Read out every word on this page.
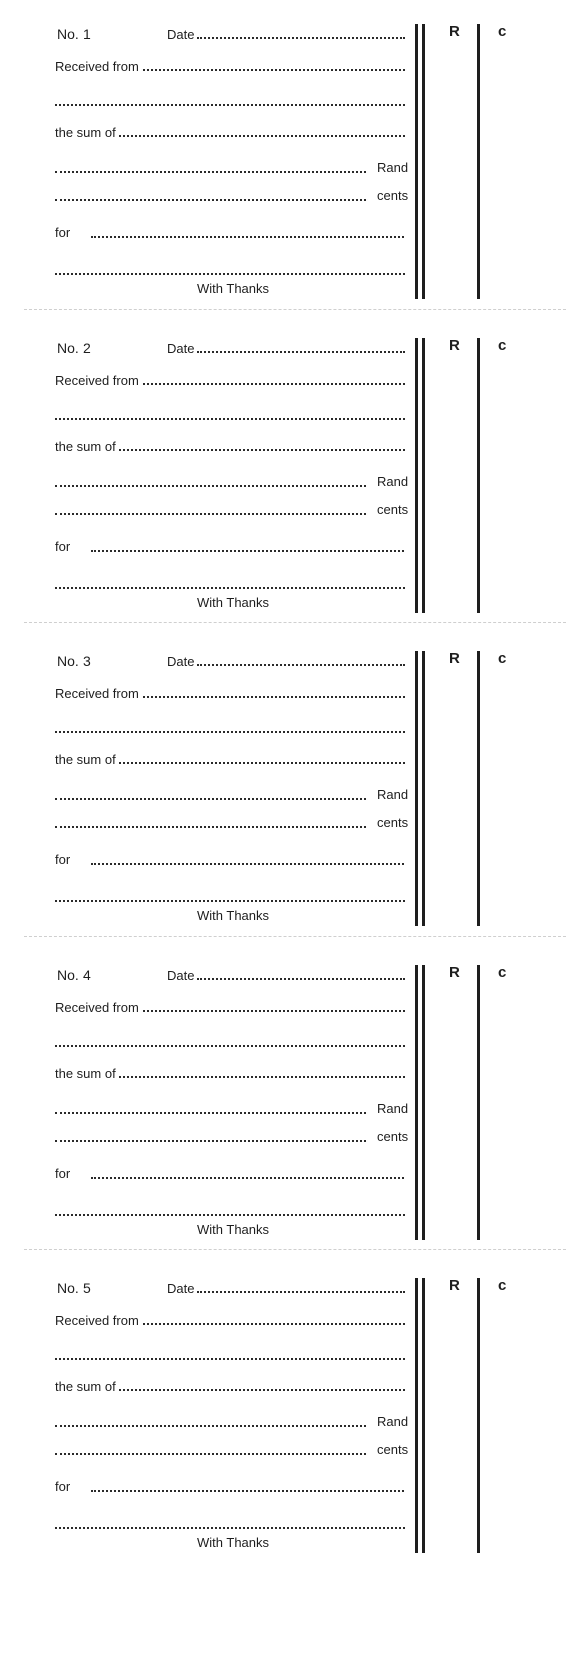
No. 1	Date
Received from
the sum of
Rand
cents
for
With Thanks
R	c
No. 2	Date
Received from
the sum of
Rand
cents
for
With Thanks
R	c
No. 3	Date
Received from
the sum of
Rand
cents
for
With Thanks
R	c
No. 4	Date
Received from
the sum of
Rand
cents
for
With Thanks
R	c
No. 5	Date
Received from
the sum of
Rand
cents
for
With Thanks
R	c
